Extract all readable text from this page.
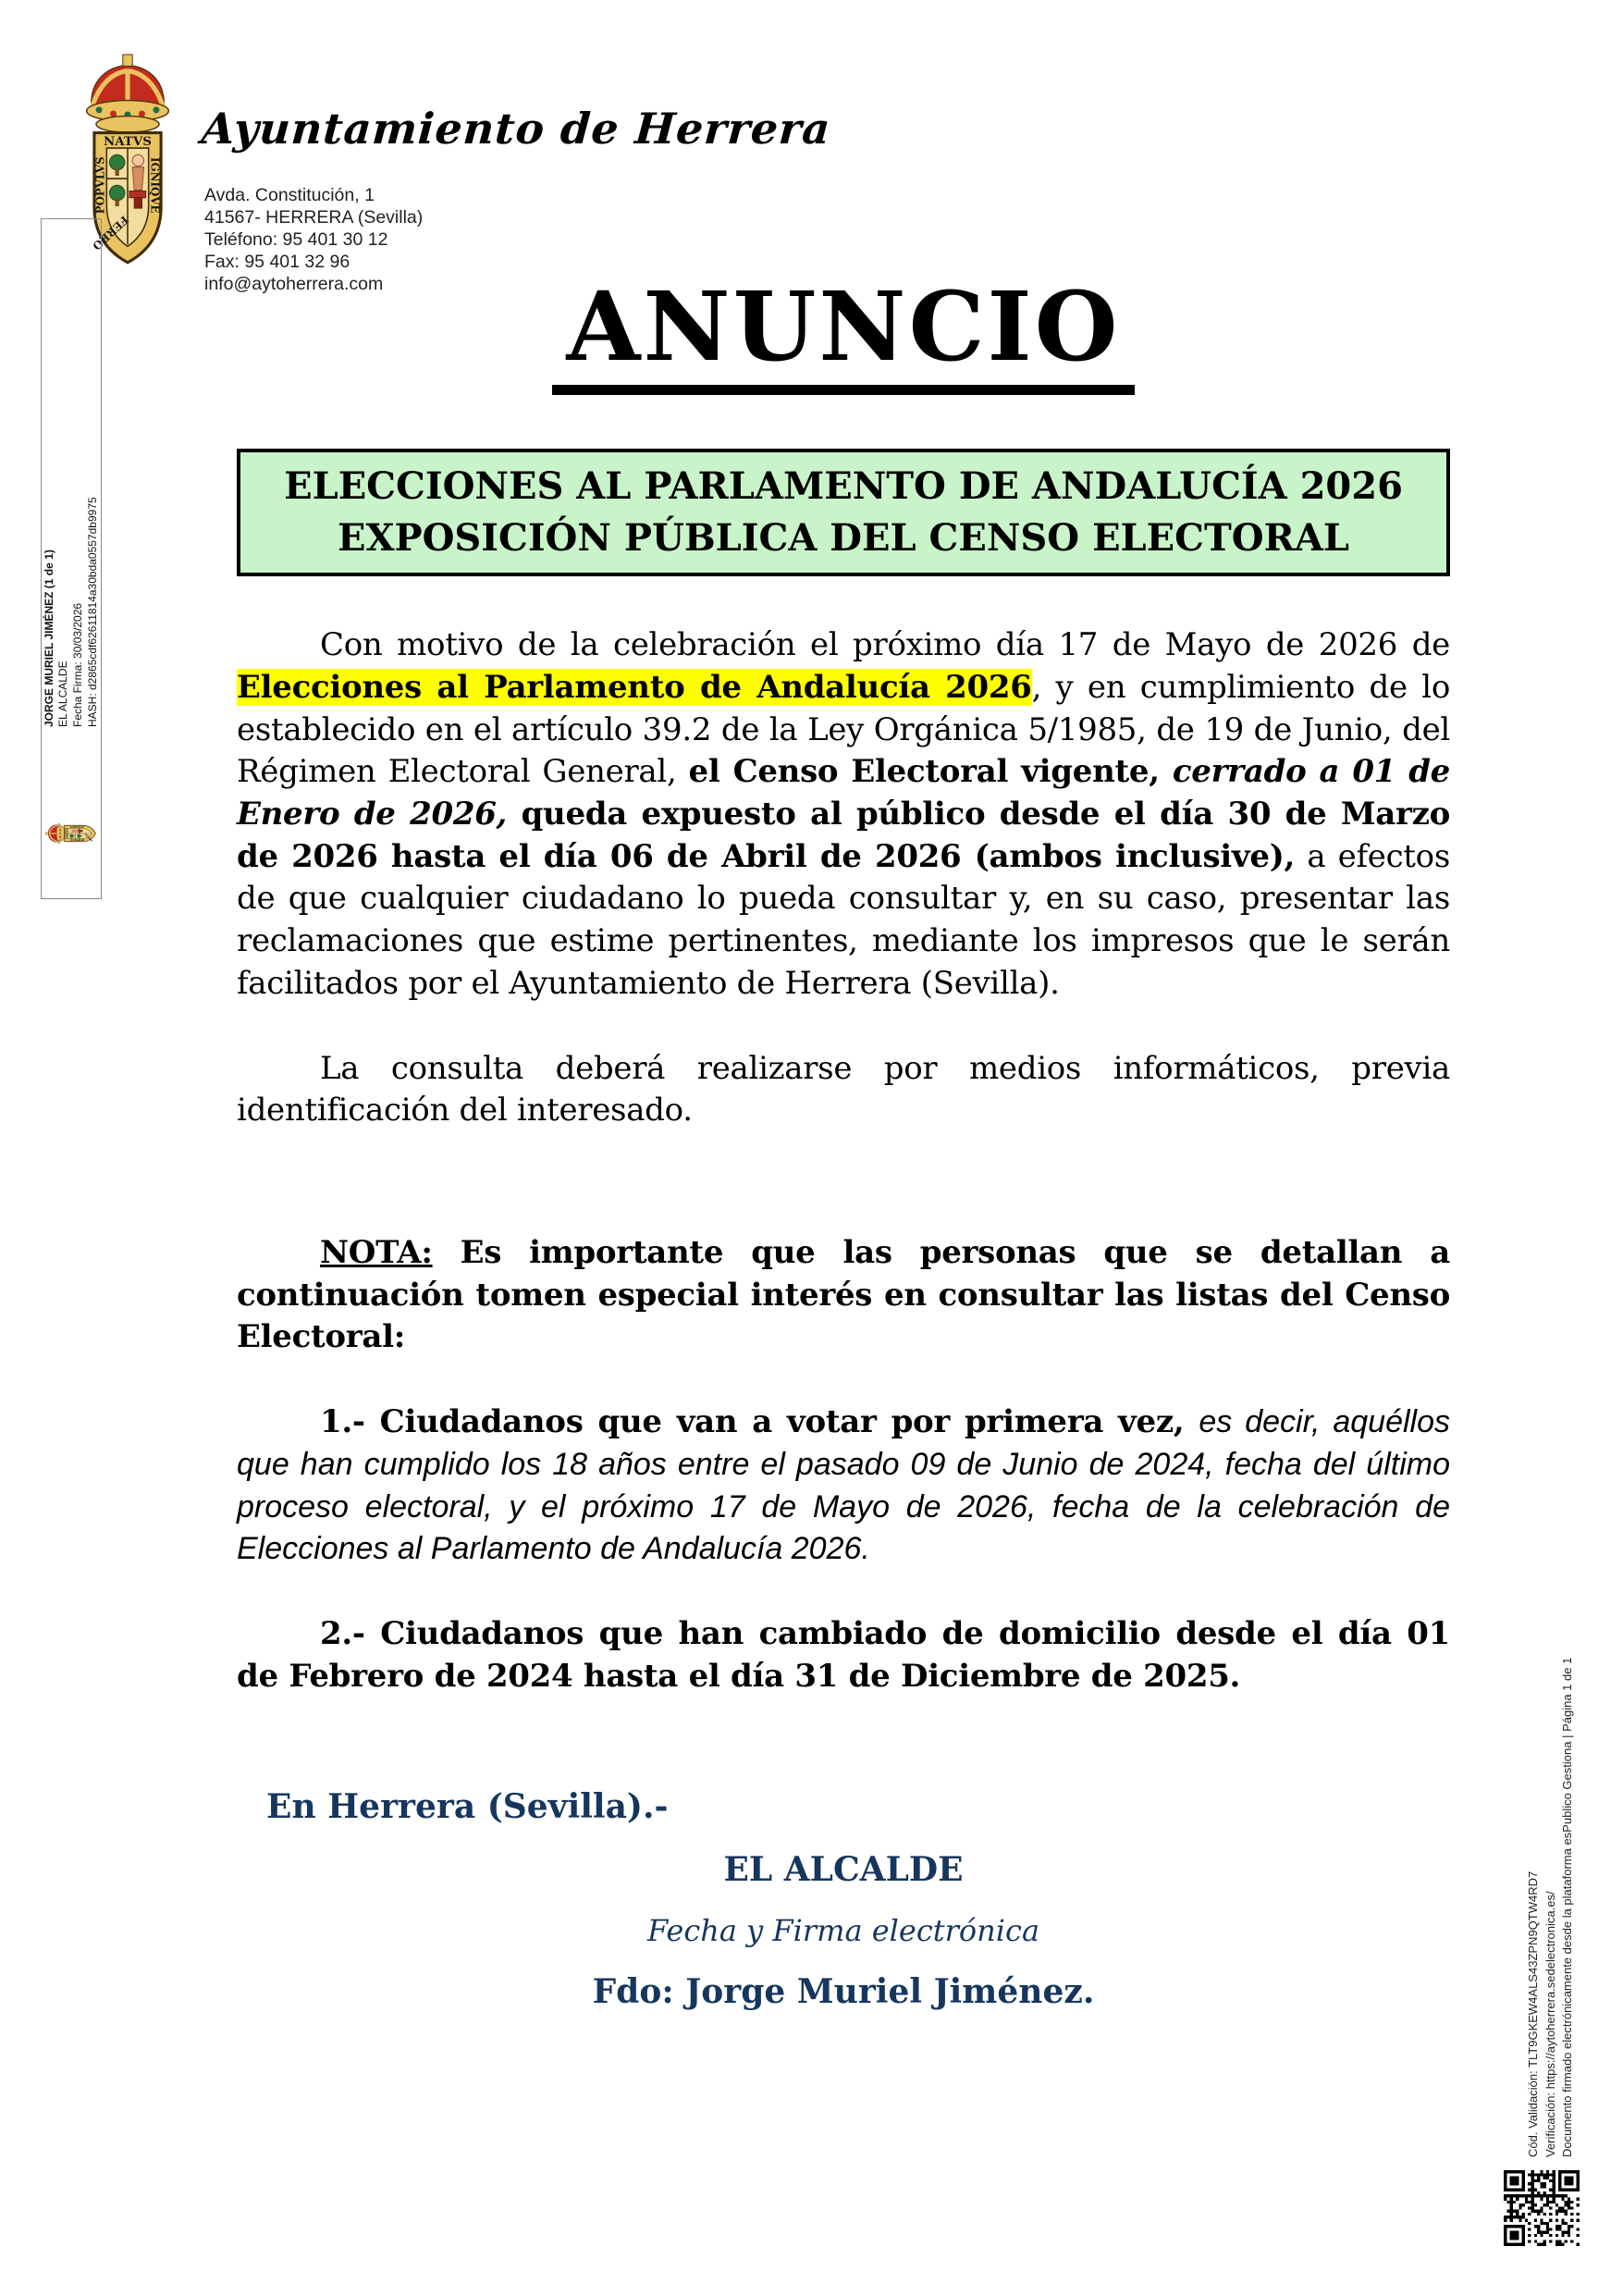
Ayuntamiento de Herrera
Avda. Constitución, 1
41567- HERRERA (Sevilla)
Teléfono: 95 401 30 12
Fax: 95 401 32 96
info@aytoherrera.com	ANUNCIO
ELECCIONES AL PARLAMENTO DE ANDALUCÍA 2026
EXPOSICIÓN PÚBLICA DEL CENSO ELECTORAL

Con motivo de la celebración el próximo día 17 de Mayo de 2026 de Elecciones al Parlamento de Andalucía 2026, y en cumplimiento de lo establecido en el artículo 39.2 de la Ley Orgánica 5/1985, de 19 de Junio, del Régimen Electoral General, el Censo Electoral vigente, cerrado a 01 de Enero de 2026, queda expuesto al público desde el día 30 de Marzo de 2026 hasta el día 06 de Abril de 2026 (ambos inclusive), a efectos de que cualquier ciudadano lo pueda consultar y, en su caso, presentar las reclamaciones que estime pertinentes, mediante los impresos que le serán facilitados por el Ayuntamiento de Herrera (Sevilla).

La consulta deberá realizarse por medios informáticos, previa identificación del interesado.

NOTA: Es importante que las personas que se detallan a continuación tomen especial interés en consultar las listas del Censo Electoral:

1.- Ciudadanos que van a votar por primera vez, es decir, aquéllos que han cumplido los 18 años entre el pasado 09 de Junio de 2024, fecha del último proceso electoral, y el próximo 17 de Mayo de 2026, fecha de la celebración de Elecciones al Parlamento de Andalucía 2026.

2.- Ciudadanos que han cambiado de domicilio desde el día 01 de Febrero de 2024 hasta el día 31 de Diciembre de 2025.

En Herrera (Sevilla).-
EL ALCALDE
Fecha y Firma electrónica
Fdo: Jorge Muriel Jiménez.
JORGE MURIEL JIMÉNEZ (1 de 1) EL ALCALDE Fecha Firma: 30/03/2026 HASH: d2865cdf62611814a30bda0557db9975
Cód. Validación: TLT9GKEW4ALS43ZPN9QTW4RD7 Verificación: https://aytoherrera.sedelectronica.es/ Documento firmado electrónicamente desde la plataforma esPublico Gestiona | Página 1 de 1
